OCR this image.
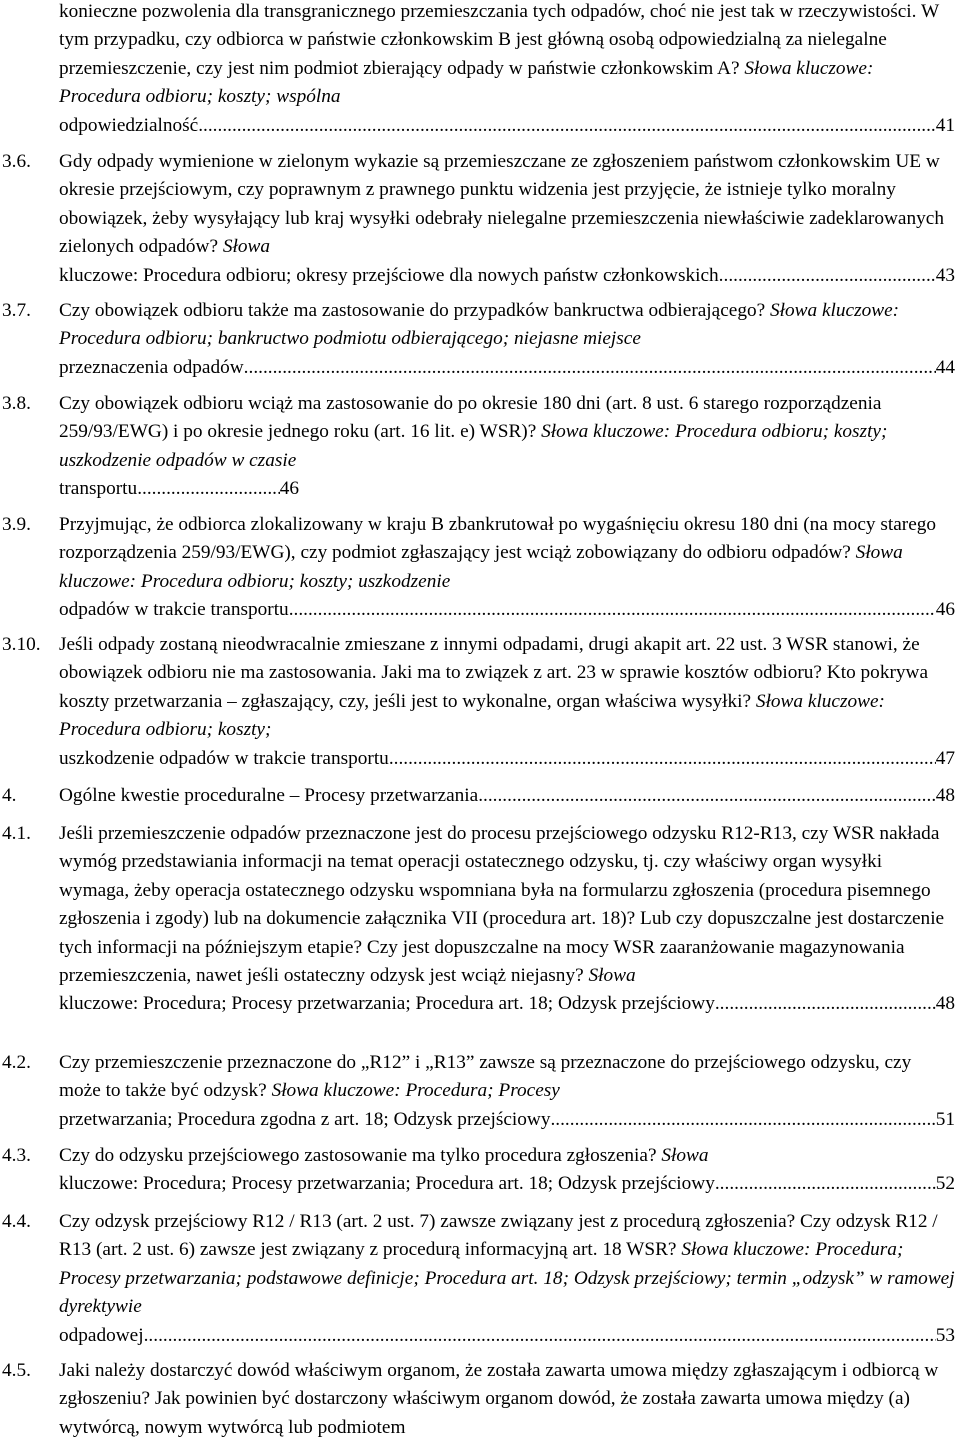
konieczne pozwolenia dla transgranicznego przemieszczania tych odpadów, choć nie jest tak w rzeczywistości. W tym przypadku, czy odbiorca w państwie członkowskim B jest główną osobą odpowiedzialną za nielegalne przemieszczenie, czy jest nim podmiot zbierający odpady w państwie członkowskim A? Słowa kluczowe: Procedura odbioru; koszty; wspólna
odpowiedzialność .....	41
3.6. Gdy odpady wymienione w zielonym wykazie są przemieszczane ze zgłoszeniem państwom członkowskim UE w okresie przejściowym, czy poprawnym z prawnego punktu widzenia jest przyjęcie, że istnieje tylko moralny obowiązek, żeby wysyłający lub kraj wysyłki odebrały nielegalne przemieszczenia niewłaściwie zadeklarowanych zielonych odpadów? Słowa
kluczowe: Procedura odbioru; okresy przejściowe dla nowych państw członkowskich .....	43
3.7. Czy obowiązek odbioru także ma zastosowanie do przypadków bankructwa odbierającego? Słowa kluczowe: Procedura odbioru; bankructwo podmiotu odbierającego; niejasne miejsce
przeznaczenia odpadów .....	44
3.8. Czy obowiązek odbioru wciąż ma zastosowanie do po okresie 180 dni (art. 8 ust. 6 starego rozporządzenia 259/93/EWG) i po okresie jednego roku (art. 16 lit. e) WSR)? Słowa kluczowe: Procedura odbioru; koszty; uszkodzenie odpadów w czasie
transportu .....	46
3.9. Przyjmując, że odbiorca zlokalizowany w kraju B zbankrutował po wygaśnięciu okresu 180 dni (na mocy starego rozporządzenia 259/93/EWG), czy podmiot zgłaszający jest wciąż zobowiązany do odbioru odpadów? Słowa kluczowe: Procedura odbioru; koszty; uszkodzenie
odpadów w trakcie transportu .....	46
3.10. Jeśli odpady zostaną nieodwracalnie zmieszane z innymi odpadami, drugi akapit art. 22 ust. 3 WSR stanowi, że obowiązek odbioru nie ma zastosowania. Jaki ma to związek z art. 23 w sprawie kosztów odbioru? Kto pokrywa koszty przetwarzania – zgłaszający, czy, jeśli jest to wykonalne, organ właściwa wysyłki? Słowa kluczowe: Procedura odbioru; koszty;
uszkodzenie odpadów w trakcie transportu .....	47
4. Ogólne kwestie proceduralne – Procesy przetwarzania .....	48
4.1. Jeśli przemieszczenie odpadów przeznaczone jest do procesu przejściowego odzysku R12-R13, czy WSR nakłada wymóg przedstawiania informacji na temat operacji ostatecznego odzysku, tj. czy właściwy organ wysyłki wymaga, żeby operacja ostatecznego odzysku wspomniana była na formularzu zgłoszenia (procedura pisemnego zgłoszenia i zgody) lub na dokumencie załącznika VII (procedura art. 18)? Lub czy dopuszczalne jest dostarczenie tych informacji na późniejszym etapie? Czy jest dopuszczalne na mocy WSR zaaranżowanie magazynowania przemieszczenia, nawet jeśli ostateczny odzysk jest wciąż niejasny? Słowa
kluczowe: Procedura; Procesy przetwarzania; Procedura art. 18; Odzysk przejściowy .....	48
4.2. Czy przemieszczenie przeznaczone do „R12” i „R13” zawsze są przeznaczone do przejściowego odzysku, czy może to także być odzysk? Słowa kluczowe: Procedura; Procesy
przetwarzania; Procedura zgodna z art. 18; Odzysk przejściowy .....	51
4.3. Czy do odzysku przejściowego zastosowanie ma tylko procedura zgłoszenia? Słowa
kluczowe: Procedura; Procesy przetwarzania; Procedura art. 18; Odzysk przejściowy .....	52
4.4. Czy odzysk przejściowy R12 / R13 (art. 2 ust. 7) zawsze związany jest z procedurą zgłoszenia? Czy odzysk R12 / R13 (art. 2 ust. 6) zawsze jest związany z procedurą informacyjną art. 18 WSR? Słowa kluczowe: Procedura; Procesy przetwarzania; podstawowe definicje; Procedura art. 18; Odzysk przejściowy; termin „odzysk” w ramowej dyrektywie
odpadowej .....	53
4.5. Jaki należy dostarczyć dowód właściwym organom, że została zawarta umowa między zgłaszającym i odbiorcą w zgłoszeniu? Jak powinien być dostarczony właściwym organom dowód, że została zawarta umowa między (a) wytwórcą, nowym wytwórcą lub podmiotem
